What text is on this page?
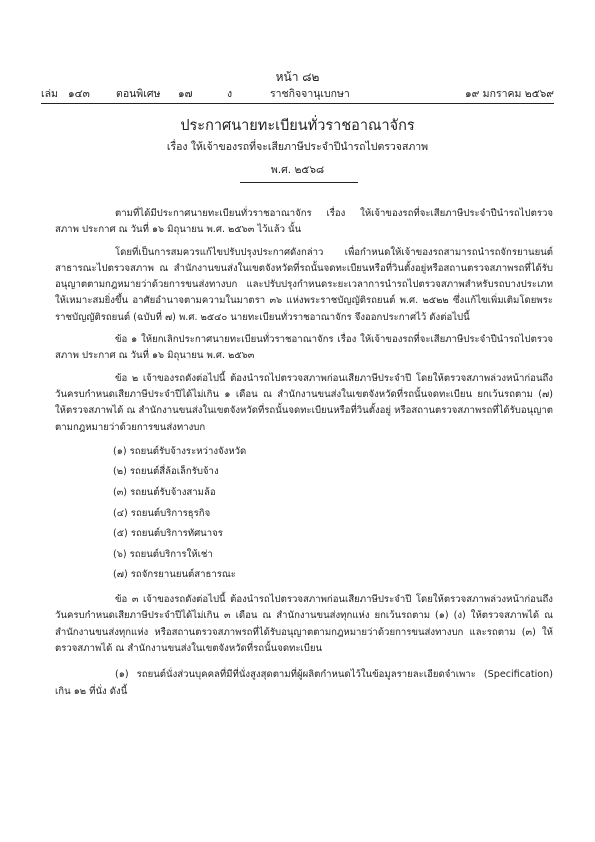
หน้า ๘๒
เล่ม ๑๔๓ ตอนพิเศษ ๑๗	ง	ราชกิจจานุเบกษา	๑๙ มกราคม ๒๕๖๙
ประกาศนายทะเบียนทั่วราชอาณาจักร
เรื่อง ให้เจ้าของรถที่จะเสียภาษีประจำปีนำรถไปตรวจสภาพ
พ.ศ. ๒๕๖๘

ตามที่ได้มีประกาศนายทะเบียนทั่วราชอาณาจักร เรื่อง ให้เจ้าของรถที่จะเสียภาษีประจำปีนำรถไปตรวจสภาพ ประกาศ ณ วันที่ ๑๖ มิถุนายน พ.ศ. ๒๕๖๓ ไว้แล้ว นั้น

โดยที่เป็นการสมควรแก้ไขปรับปรุงประกาศดังกล่าว เพื่อกำหนดให้เจ้าของรถสามารถนำรถจักรยานยนต์สาธารณะไปตรวจสภาพ ณ สำนักงานขนส่งในเขตจังหวัดที่รถนั้นจดทะเบียนหรือที่วินตั้งอยู่หรือสถานตรวจสภาพรถที่ได้รับอนุญาตตามกฎหมายว่าด้วยการขนส่งทางบก และปรับปรุงกำหนดระยะเวลาการนำรถไปตรวจสภาพสำหรับรถบางประเภทให้เหมาะสมยิ่งขึ้น อาศัยอำนาจตามความในมาตรา ๓๖ แห่งพระราชบัญญัติรถยนต์ พ.ศ. ๒๕๒๒ ซึ่งแก้ไขเพิ่มเติมโดยพระราชบัญญัติรถยนต์ (ฉบับที่ ๗) พ.ศ. ๒๕๔๐ นายทะเบียนทั่วราชอาณาจักร จึงออกประกาศไว้ ดังต่อไปนี้

ข้อ ๑ ให้ยกเลิกประกาศนายทะเบียนทั่วราชอาณาจักร เรื่อง ให้เจ้าของรถที่จะเสียภาษีประจำปีนำรถไปตรวจสภาพ ประกาศ ณ วันที่ ๑๖ มิถุนายน พ.ศ. ๒๕๖๓

ข้อ ๒ เจ้าของรถดังต่อไปนี้ ต้องนำรถไปตรวจสภาพก่อนเสียภาษีประจำปี โดยให้ตรวจสภาพล่วงหน้าก่อนถึงวันครบกำหนดเสียภาษีประจำปีได้ไม่เกิน ๑ เดือน ณ สำนักงานขนส่งในเขตจังหวัดที่รถนั้นจดทะเบียน ยกเว้นรถตาม (๗) ให้ตรวจสภาพได้ ณ สำนักงานขนส่งในเขตจังหวัดที่รถนั้นจดทะเบียนหรือที่วินตั้งอยู่ หรือสถานตรวจสภาพรถที่ได้รับอนุญาตตามกฎหมายว่าด้วยการขนส่งทางบก

(๑) รถยนต์รับจ้างระหว่างจังหวัด
(๒) รถยนต์สี่ล้อเล็กรับจ้าง
(๓) รถยนต์รับจ้างสามล้อ
(๔) รถยนต์บริการธุรกิจ
(๕) รถยนต์บริการทัศนาจร
(๖) รถยนต์บริการให้เช่า
(๗) รถจักรยานยนต์สาธารณะ

ข้อ ๓ เจ้าของรถดังต่อไปนี้ ต้องนำรถไปตรวจสภาพก่อนเสียภาษีประจำปี โดยให้ตรวจสภาพล่วงหน้าก่อนถึงวันครบกำหนดเสียภาษีประจำปีได้ไม่เกิน ๓ เดือน ณ สำนักงานขนส่งทุกแห่ง ยกเว้นรถตาม (๑) (ง) ให้ตรวจสภาพได้ ณ สำนักงานขนส่งทุกแห่ง หรือสถานตรวจสภาพรถที่ได้รับอนุญาตตามกฎหมายว่าด้วยการขนส่งทางบก และรถตาม (๓) ให้ตรวจสภาพได้ ณ สำนักงานขนส่งในเขตจังหวัดที่รถนั้นจดทะเบียน

(๑) รถยนต์นั่งส่วนบุคคลที่มีที่นั่งสูงสุดตามที่ผู้ผลิตกำหนดไว้ในข้อมูลรายละเอียดจำเพาะ (Specification) เกิน ๑๒ ที่นั่ง ดังนี้
